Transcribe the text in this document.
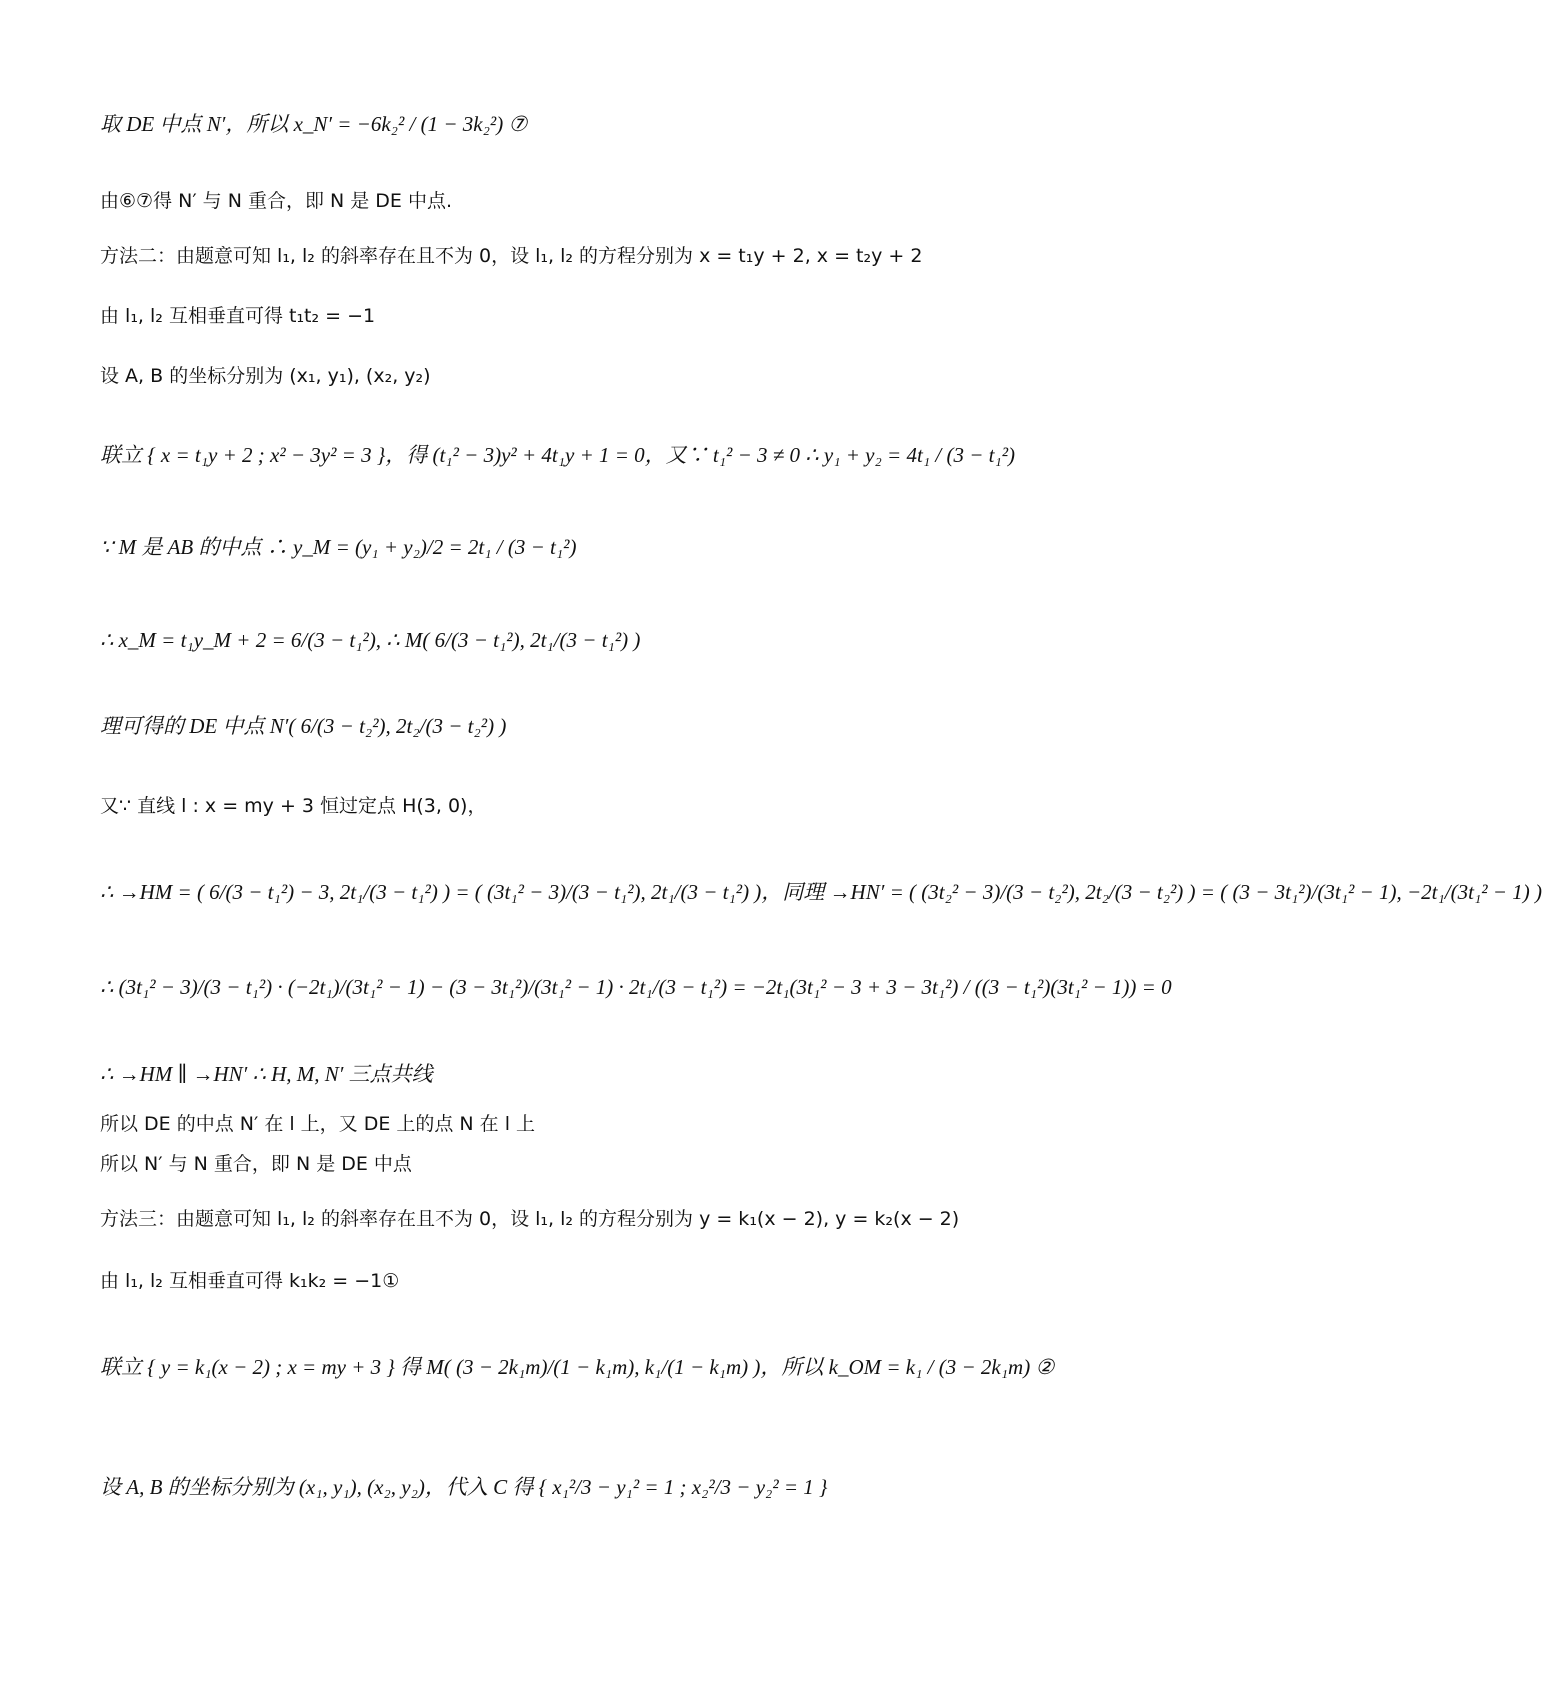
取 DE 中点 N′，所以 x_N′ = −6k₂² / (1 − 3k₂²) ⑦
由⑥⑦得 N′ 与 N 重合，即 N 是 DE 中点.
方法二：由题意可知 l₁, l₂ 的斜率存在且不为 0，设 l₁, l₂ 的方程分别为 x = t₁y + 2, x = t₂y + 2
由 l₁, l₂ 互相垂直可得 t₁t₂ = −1
设 A, B 的坐标分别为 (x₁, y₁), (x₂, y₂)
联立 { x = t₁y + 2 ; x² − 3y² = 3 }，得 (t₁² − 3)y² + 4t₁y + 1 = 0，又∵ t₁² − 3 ≠ 0 ∴ y₁ + y₂ = 4t₁ / (3 − t₁²)
∵ M 是 AB 的中点 ∴ y_M = (y₁ + y₂)/2 = 2t₁ / (3 − t₁²)
∴ x_M = t₁y_M + 2 = 6/(3 − t₁²), ∴ M( 6/(3 − t₁²), 2t₁/(3 − t₁²) )
理可得的 DE 中点 N′( 6/(3 − t₂²), 2t₂/(3 − t₂²) )
又∵ 直线 l : x = my + 3 恒过定点 H(3, 0)，
∴ →HM = ( 6/(3 − t₁²) − 3, 2t₁/(3 − t₁²) ) = ( (3t₁² − 3)/(3 − t₁²), 2t₁/(3 − t₁²) )，同理 →HN′ = ( (3t₂² − 3)/(3 − t₂²), 2t₂/(3 − t₂²) ) = ( (3 − 3t₁²)/(3t₁² − 1), −2t₁/(3t₁² − 1) )
∴ (3t₁² − 3)/(3 − t₁²) · (−2t₁)/(3t₁² − 1) − (3 − 3t₁²)/(3t₁² − 1) · 2t₁/(3 − t₁²) = −2t₁(3t₁² − 3 + 3 − 3t₁²) / ((3 − t₁²)(3t₁² − 1)) = 0
∴ →HM ∥ →HN′ ∴ H, M, N′ 三点共线
所以 DE 的中点 N′ 在 l 上，又 DE 上的点 N 在 l 上
所以 N′ 与 N 重合，即 N 是 DE 中点
方法三：由题意可知 l₁, l₂ 的斜率存在且不为 0，设 l₁, l₂ 的方程分别为 y = k₁(x − 2), y = k₂(x − 2)
由 l₁, l₂ 互相垂直可得 k₁k₂ = −1①
联立 { y = k₁(x − 2) ; x = my + 3 } 得 M( (3 − 2k₁m)/(1 − k₁m), k₁/(1 − k₁m) )，所以 k_OM = k₁ / (3 − 2k₁m) ②
设 A, B 的坐标分别为 (x₁, y₁), (x₂, y₂)，代入 C 得 { x₁²/3 − y₁² = 1 ; x₂²/3 − y₂² = 1 }
